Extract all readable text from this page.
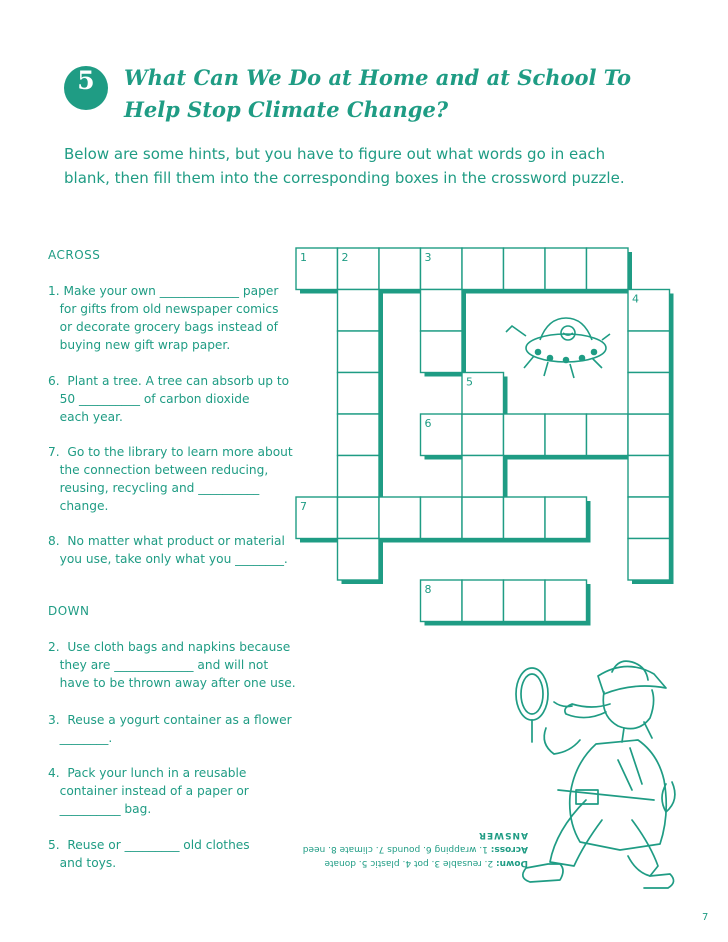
5	What Can We Do at Home and at School To
Help Stop Climate Change?
Below are some hints, but you have to figure out what words go in each
blank, then fill them into the corresponding boxes in the crossword puzzle.
ACROSS
1. Make your own _____________ paper
for gifts from old newspaper comics
or decorate grocery bags instead of
buying new gift wrap paper.
6.  Plant a tree. A tree can absorb up to
50 __________ of carbon dioxide
each year.
7.  Go to the library to learn more about
the connection between reducing,
reusing, recycling and __________
change.
8.  No matter what product or material
you use, take only what you ________.
DOWN
2.  Use cloth bags and napkins because
they are _____________ and will not
have to be thrown away after one use.
3.  Reuse a yogurt container as a flower
________.
4.  Pack your lunch in a reusable
container instead of a paper or
__________ bag.
5.  Reuse or _________ old clothes
and toys.
1	2	3
4
5
6
7
8
Down: 2. reusable 3. pot 4. plastic 5. donate
Across: 1. wrapping 6. pounds 7. climate 8. need
ANSWER
7
